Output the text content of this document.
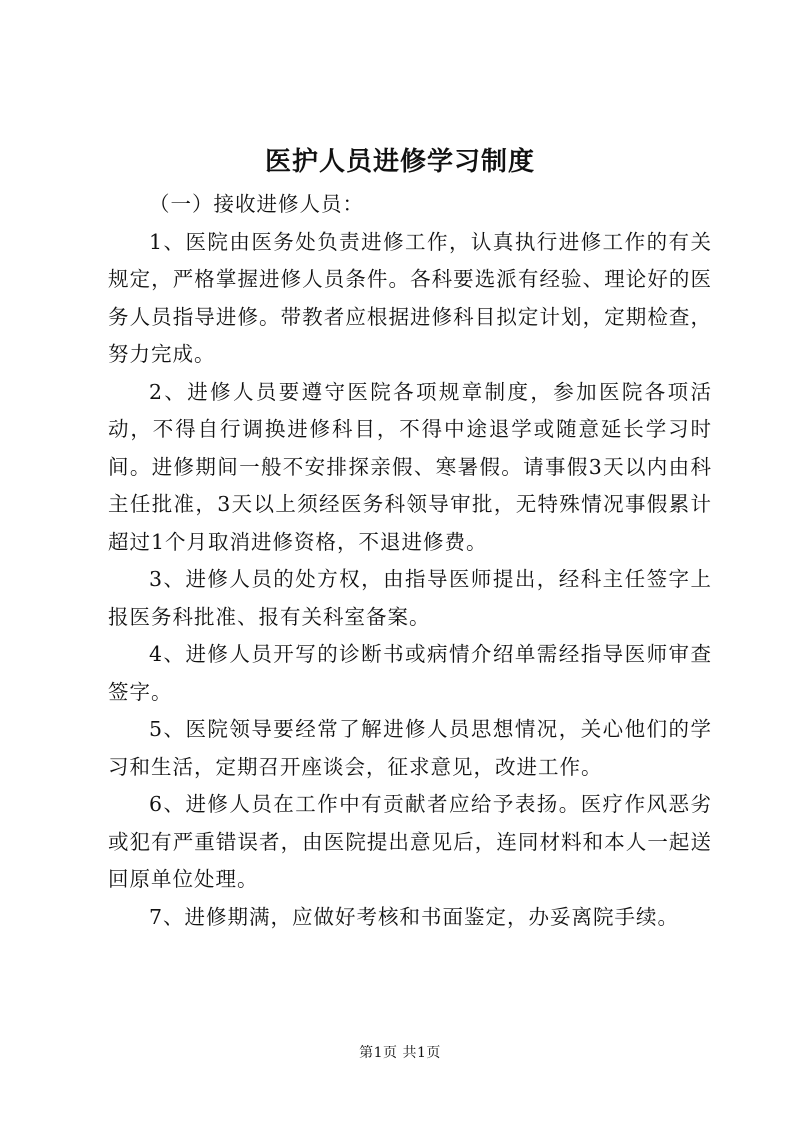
医护人员进修学习制度

（一）接收进修人员：

1、医院由医务处负责进修工作，认真执行进修工作的有关规定，严格掌握进修人员条件。各科要选派有经验、理论好的医务人员指导进修。带教者应根据进修科目拟定计划，定期检查，努力完成。

2、进修人员要遵守医院各项规章制度，参加医院各项活动，不得自行调换进修科目，不得中途退学或随意延长学习时间。进修期间一般不安排探亲假、寒暑假。请事假3天以内由科主任批准，3天以上须经医务科领导审批，无特殊情况事假累计超过1个月取消进修资格，不退进修费。

3、进修人员的处方权，由指导医师提出，经科主任签字上报医务科批准、报有关科室备案。

4、进修人员开写的诊断书或病情介绍单需经指导医师审查签字。

5、医院领导要经常了解进修人员思想情况，关心他们的学习和生活，定期召开座谈会，征求意见，改进工作。

6、进修人员在工作中有贡献者应给予表扬。医疗作风恶劣或犯有严重错误者，由医院提出意见后，连同材料和本人一起送回原单位处理。

7、进修期满，应做好考核和书面鉴定，办妥离院手续。

第1页 共1页
